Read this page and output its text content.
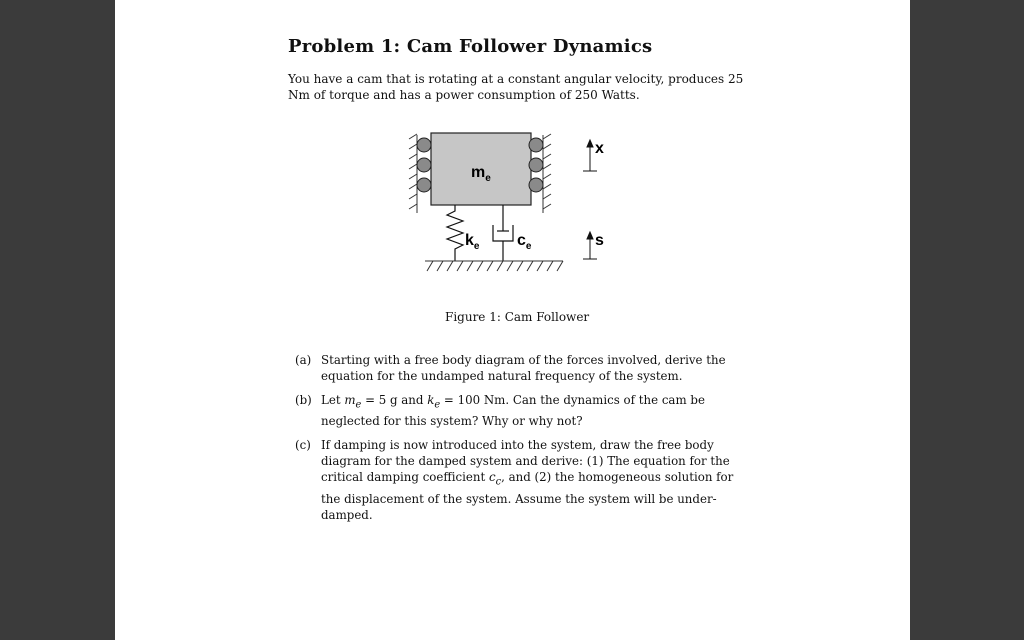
Problem 1: Cam Follower Dynamics
You have a cam that is rotating at a constant angular velocity, produces 25 Nm of torque and has a power consumption of 250 Watts.
$m_e$
$k_e$ $c_e$
x
s
Figure 1: Cam Follower
(a) Starting with a free body diagram of the forces involved, derive the equation for the undamped natural frequency of the system.
(b) Let $m_e = 5$ g and $k_e = 100$ Nm. Can the dynamics of the cam be neglected for this system? Why or why not?
(c) If damping is now introduced into the system, draw the free body diagram for the damped system and derive: (1) The equation for the critical damping coefficient $c_c$, and (2) the homogeneous solution for the displacement of the system. Assume the system will be under-damped.
